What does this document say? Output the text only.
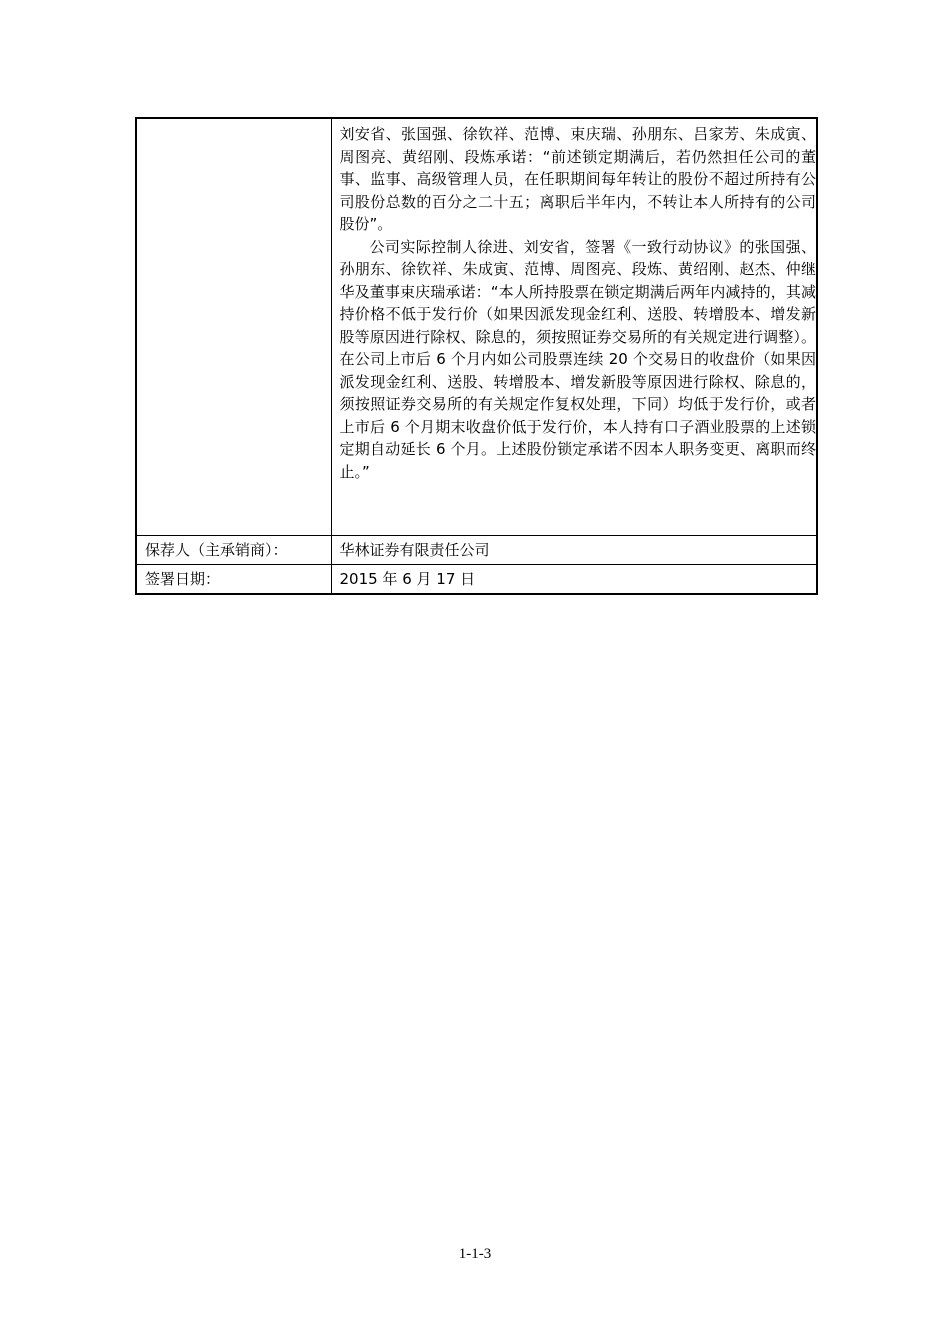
	刘安省、张国强、徐钦祥、范博、束庆瑞、孙朋东、吕家芳、朱成寅、周图亮、黄绍刚、段炼承诺：“前述锁定期满后，若仍然担任公司的董事、监事、高级管理人员，在任职期间每年转让的股份不超过所持有公司股份总数的百分之二十五；离职后半年内，不转让本人所持有的公司股份”。

公司实际控制人徐进、刘安省，签署《一致行动协议》的张国强、孙朋东、徐钦祥、朱成寅、范博、周图亮、段炼、黄绍刚、赵杰、仲继华及董事束庆瑞承诺：“本人所持股票在锁定期满后两年内减持的，其减持价格不低于发行价（如果因派发现金红利、送股、转增股本、增发新股等原因进行除权、除息的，须按照证券交易所的有关规定进行调整）。在公司上市后 6 个月内如公司股票连续 20 个交易日的收盘价（如果因派发现金红利、送股、转增股本、增发新股等原因进行除权、除息的，须按照证券交易所的有关规定作复权处理，下同）均低于发行价，或者上市后 6 个月期末收盘价低于发行价，本人持有口子酒业股票的上述锁定期自动延长 6 个月。上述股份锁定承诺不因本人职务变更、离职而终止。”

保荐人（主承销商）：	华林证券有限责任公司

签署日期：	2015 年 6 月 17 日
1-1-3
